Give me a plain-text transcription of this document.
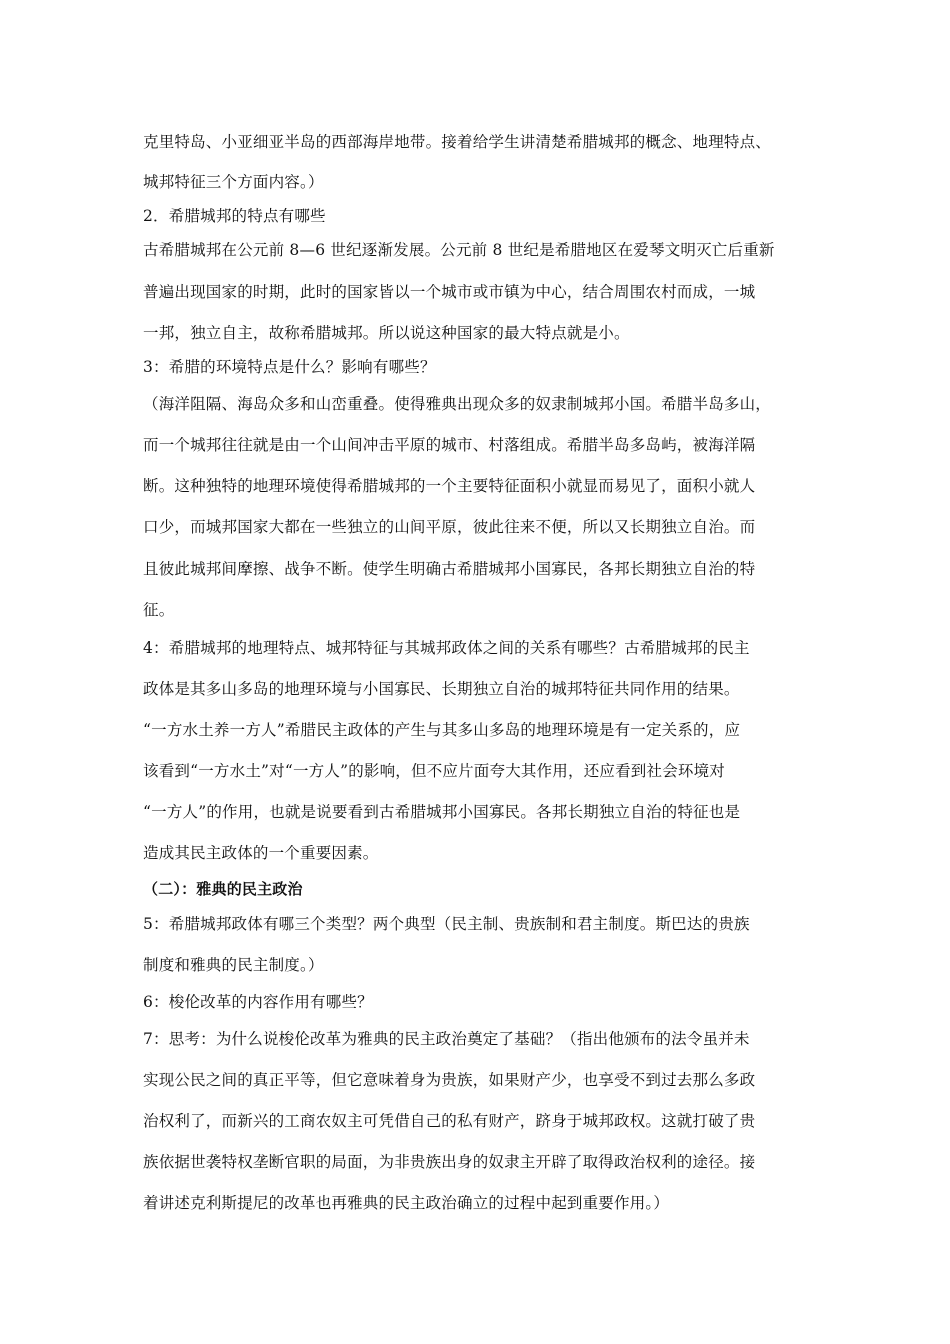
克里特岛、小亚细亚半岛的西部海岸地带。接着给学生讲清楚希腊城邦的概念、地理特点、
城邦特征三个方面内容。）
2．希腊城邦的特点有哪些
古希腊城邦在公元前 8—6 世纪逐渐发展。公元前 8 世纪是希腊地区在爱琴文明灭亡后重新
普遍出现国家的时期，此时的国家皆以一个城市或市镇为中心，结合周围农村而成，一城
一邦，独立自主，故称希腊城邦。所以说这种国家的最大特点就是小。
3：希腊的环境特点是什么？影响有哪些？
（海洋阻隔、海岛众多和山峦重叠。使得雅典出现众多的奴隶制城邦小国。希腊半岛多山，
而一个城邦往往就是由一个山间冲击平原的城市、村落组成。希腊半岛多岛屿，被海洋隔
断。这种独特的地理环境使得希腊城邦的一个主要特征面积小就显而易见了，面积小就人
口少，而城邦国家大都在一些独立的山间平原，彼此往来不便，所以又长期独立自治。而
且彼此城邦间摩擦、战争不断。使学生明确古希腊城邦小国寡民，各邦长期独立自治的特
征。
4：希腊城邦的地理特点、城邦特征与其城邦政体之间的关系有哪些？古希腊城邦的民主
政体是其多山多岛的地理环境与小国寡民、长期独立自治的城邦特征共同作用的结果。
“一方水土养一方人”希腊民主政体的产生与其多山多岛的地理环境是有一定关系的，应
该看到“一方水土”对“一方人”的影响，但不应片面夸大其作用，还应看到社会环境对
“一方人”的作用，也就是说要看到古希腊城邦小国寡民。各邦长期独立自治的特征也是
造成其民主政体的一个重要因素。
（二）：雅典的民主政治
5：希腊城邦政体有哪三个类型？两个典型（民主制、贵族制和君主制度。斯巴达的贵族
制度和雅典的民主制度。）
6：梭伦改革的内容作用有哪些？
7：思考：为什么说梭伦改革为雅典的民主政治奠定了基础？（指出他颁布的法令虽并未
实现公民之间的真正平等，但它意味着身为贵族，如果财产少，也享受不到过去那么多政
治权利了，而新兴的工商农奴主可凭借自己的私有财产，跻身于城邦政权。这就打破了贵
族依据世袭特权垄断官职的局面，为非贵族出身的奴隶主开辟了取得政治权利的途径。接
着讲述克利斯提尼的改革也再雅典的民主政治确立的过程中起到重要作用。）
